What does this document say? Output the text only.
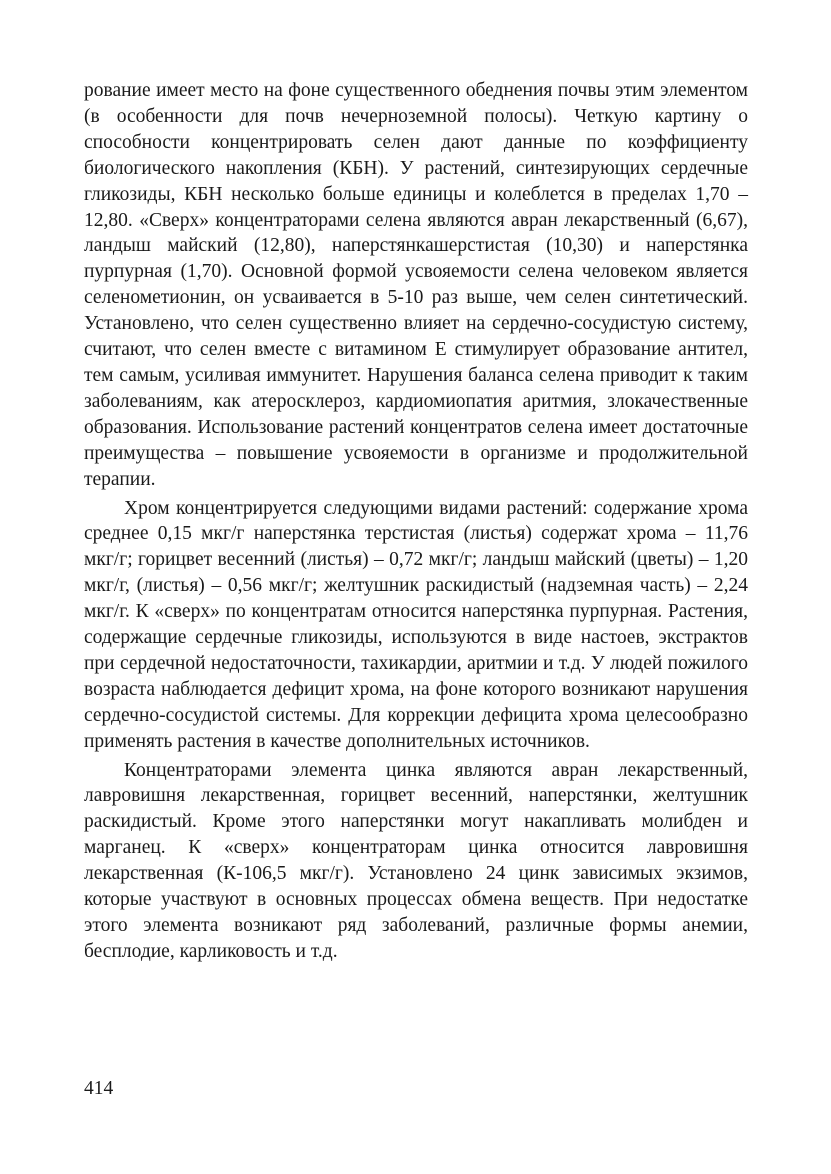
рование имеет место на фоне существенного обеднения почвы этим элементом (в особенности для почв нечерноземной полосы). Четкую картину о способности концентрировать селен дают данные по коэффициенту биологического накопления (КБН). У растений, синтезирующих сердечные гликозиды, КБН несколько больше единицы и колеблется в пределах 1,70 – 12,80. «Сверх» концентраторами селена являются авран лекарственный (6,67), ландыш майский (12,80), наперстянкашерстистая (10,30) и наперстянка пурпурная (1,70). Основной формой усвояемости селена человеком является селенометионин, он усваивается в 5-10 раз выше, чем селен синтетический. Установлено, что селен существенно влияет на сердечно-сосудистую систему, считают, что селен вместе с витамином Е стимулирует образование антител, тем самым, усиливая иммунитет. Нарушения баланса селена приводит к таким заболеваниям, как атеросклероз, кардиомиопатия аритмия, злокачественные образования. Использование растений концентратов селена имеет достаточные преимущества – повышение усвояемости в организме и продолжительной терапии.

Хром концентрируется следующими видами растений: содержание хрома среднее 0,15 мкг/г наперстянка терстистая (листья) содержат хрома – 11,76 мкг/г; горицвет весенний (листья) – 0,72 мкг/г; ландыш майский (цветы) – 1,20 мкг/г, (листья) – 0,56 мкг/г; желтушник раскидистый (надземная часть) – 2,24 мкг/г. К «сверх» по концентратам относится наперстянка пурпурная. Растения, содержащие сердечные гликозиды, используются в виде настоев, экстрактов при сердечной недостаточности, тахикардии, аритмии и т.д. У людей пожилого возраста наблюдается дефицит хрома, на фоне которого возникают нарушения сердечно-сосудистой системы. Для коррекции дефицита хрома целесообразно применять растения в качестве дополнительных источников.

Концентраторами элемента цинка являются авран лекарственный, лавровишня лекарственная, горицвет весенний, наперстянки, желтушник раскидистый. Кроме этого наперстянки могут накапливать молибден и марганец. К «сверх» концентраторам цинка относится лавровишня лекарственная (К-106,5 мкг/г). Установлено 24 цинк зависимых экзимов, которые участвуют в основных процессах обмена веществ. При недостатке этого элемента возникают ряд заболеваний, различные формы анемии, бесплодие, карликовость и т.д.

414
